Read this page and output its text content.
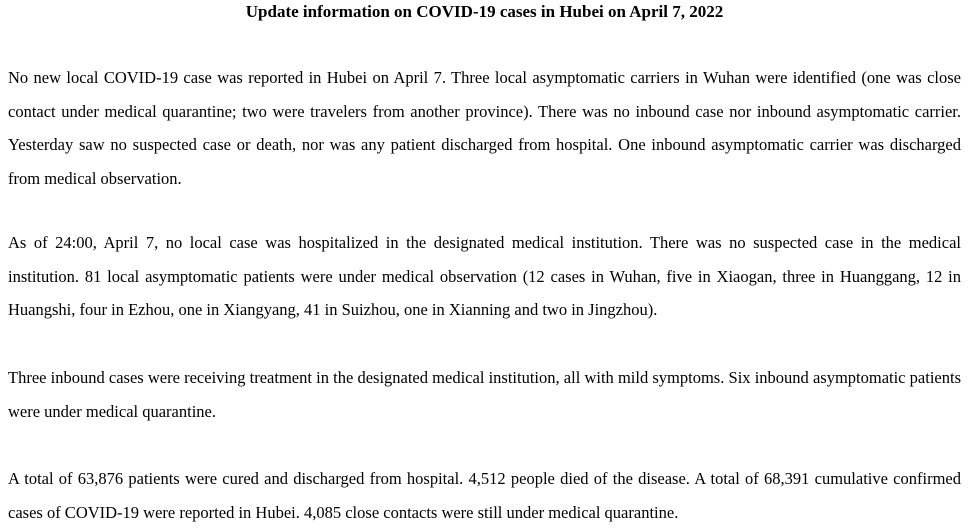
Update information on COVID-19 cases in Hubei on April 7, 2022

No new local COVID-19 case was reported in Hubei on April 7. Three local asymptomatic carriers in Wuhan were identified (one was close contact under medical quarantine; two were travelers from another province). There was no inbound case nor inbound asymptomatic carrier. Yesterday saw no suspected case or death, nor was any patient discharged from hospital. One inbound asymptomatic carrier was discharged from medical observation.

As of 24:00, April 7, no local case was hospitalized in the designated medical institution. There was no suspected case in the medical institution. 81 local asymptomatic patients were under medical observation (12 cases in Wuhan, five in Xiaogan, three in Huanggang, 12 in Huangshi, four in Ezhou, one in Xiangyang, 41 in Suizhou, one in Xianning and two in Jingzhou).

Three inbound cases were receiving treatment in the designated medical institution, all with mild symptoms. Six inbound asymptomatic patients were under medical quarantine.

A total of 63,876 patients were cured and discharged from hospital. 4,512 people died of the disease. A total of 68,391 cumulative confirmed cases of COVID-19 were reported in Hubei. 4,085 close contacts were still under medical quarantine.
